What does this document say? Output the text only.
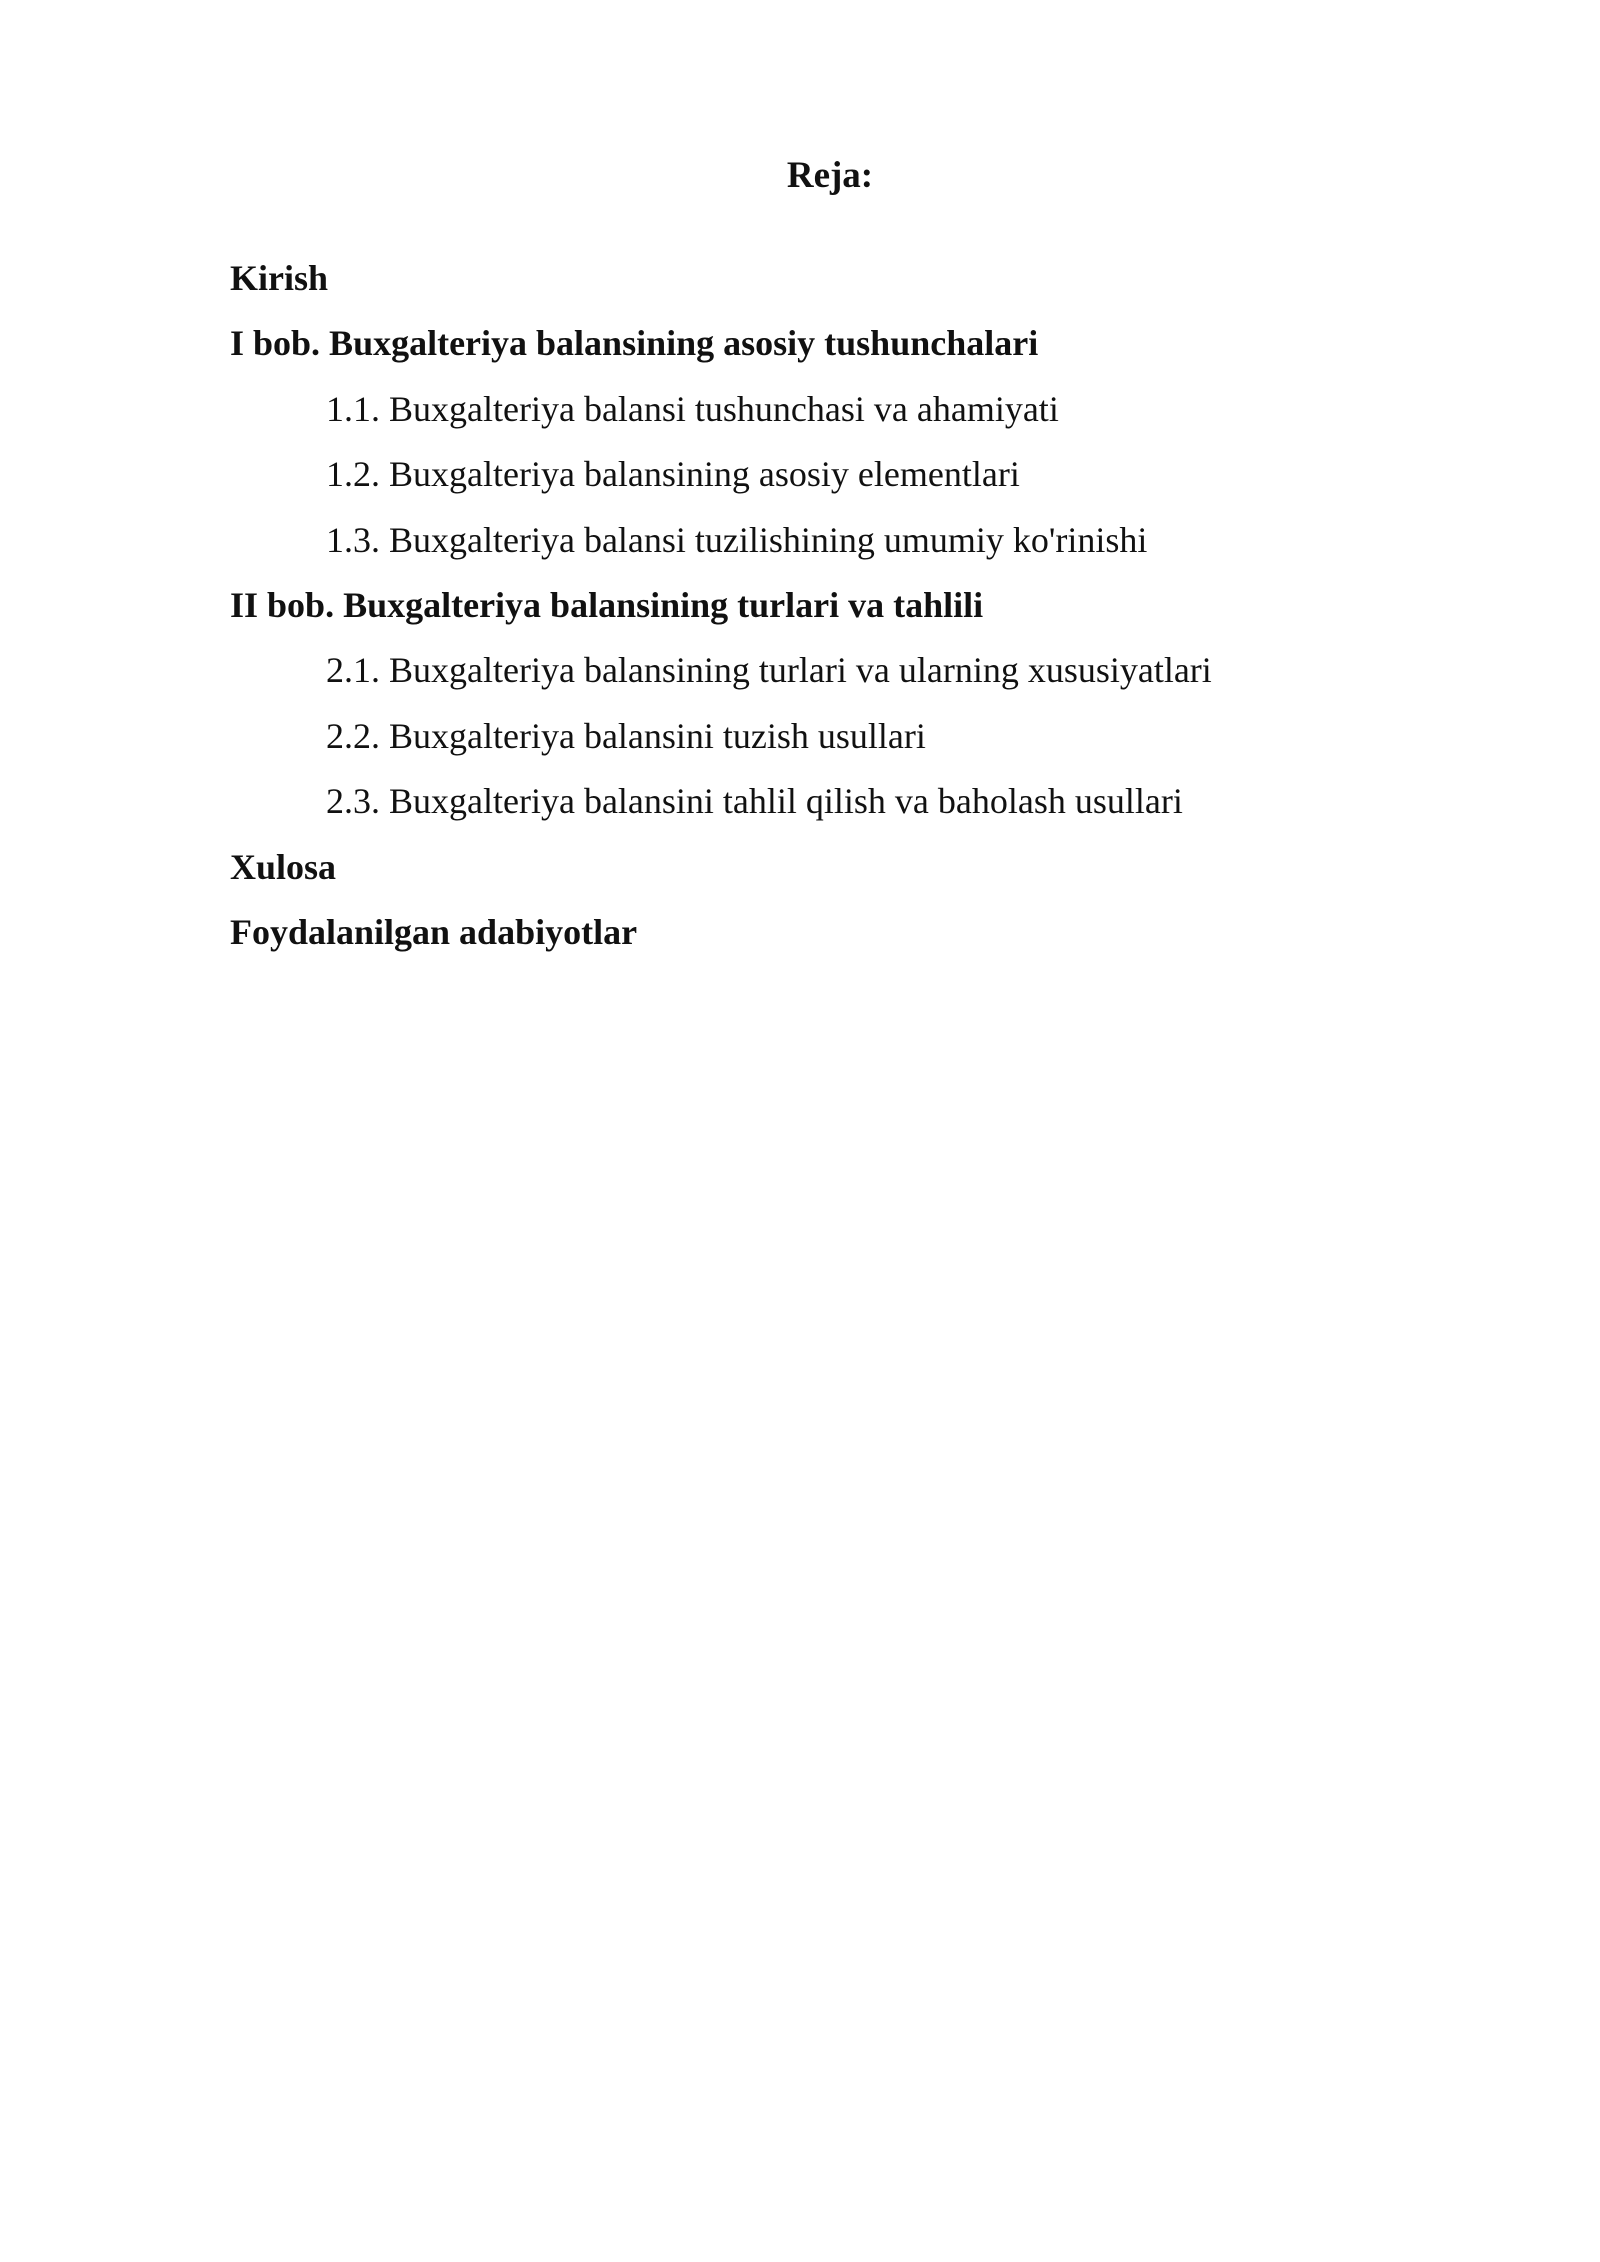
Reja:
Kirish
I bob. Buxgalteriya balansining asosiy tushunchalari
1.1. Buxgalteriya balansi tushunchasi va ahamiyati
1.2. Buxgalteriya balansining asosiy elementlari
1.3. Buxgalteriya balansi tuzilishining umumiy ko'rinishi
II bob. Buxgalteriya balansining turlari va tahlili
2.1. Buxgalteriya balansining turlari va ularning xususiyatlari
2.2. Buxgalteriya balansini tuzish usullari
2.3. Buxgalteriya balansini tahlil qilish va baholash usullari
Xulosa
Foydalanilgan adabiyotlar
